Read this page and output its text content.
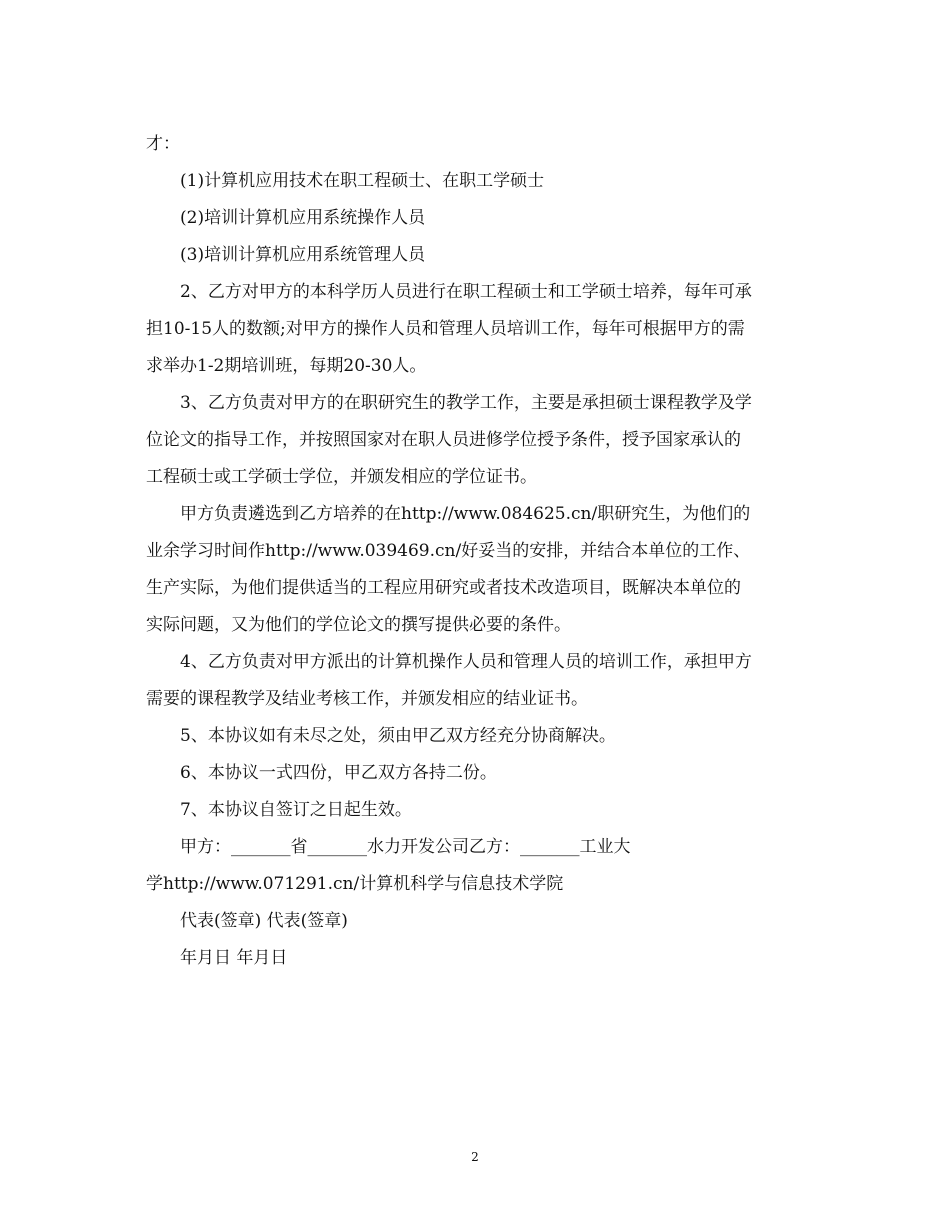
才：
(1)计算机应用技术在职工程硕士、在职工学硕士
(2)培训计算机应用系统操作人员
(3)培训计算机应用系统管理人员
2、乙方对甲方的本科学历人员进行在职工程硕士和工学硕士培养，每年可承
担10-15人的数额;对甲方的操作人员和管理人员培训工作，每年可根据甲方的需
求举办1-2期培训班，每期20-30人。
3、乙方负责对甲方的在职研究生的教学工作，主要是承担硕士课程教学及学
位论文的指导工作，并按照国家对在职人员进修学位授予条件，授予国家承认的
工程硕士或工学硕士学位，并颁发相应的学位证书。
甲方负责遴选到乙方培养的在http://www.084625.cn/职研究生，为他们的
业余学习时间作http://www.039469.cn/好妥当的安排，并结合本单位的工作、
生产实际，为他们提供适当的工程应用研究或者技术改造项目，既解决本单位的
实际问题，又为他们的学位论文的撰写提供必要的条件。
4、乙方负责对甲方派出的计算机操作人员和管理人员的培训工作，承担甲方
需要的课程教学及结业考核工作，并颁发相应的结业证书。
5、本协议如有未尽之处，须由甲乙双方经充分协商解决。
6、本协议一式四份，甲乙双方各持二份。
7、本协议自签订之日起生效。
甲方：_______省_______水力开发公司乙方：_______工业大
学http://www.071291.cn/计算机科学与信息技术学院
代表(签章) 代表(签章)
年月日 年月日
2
